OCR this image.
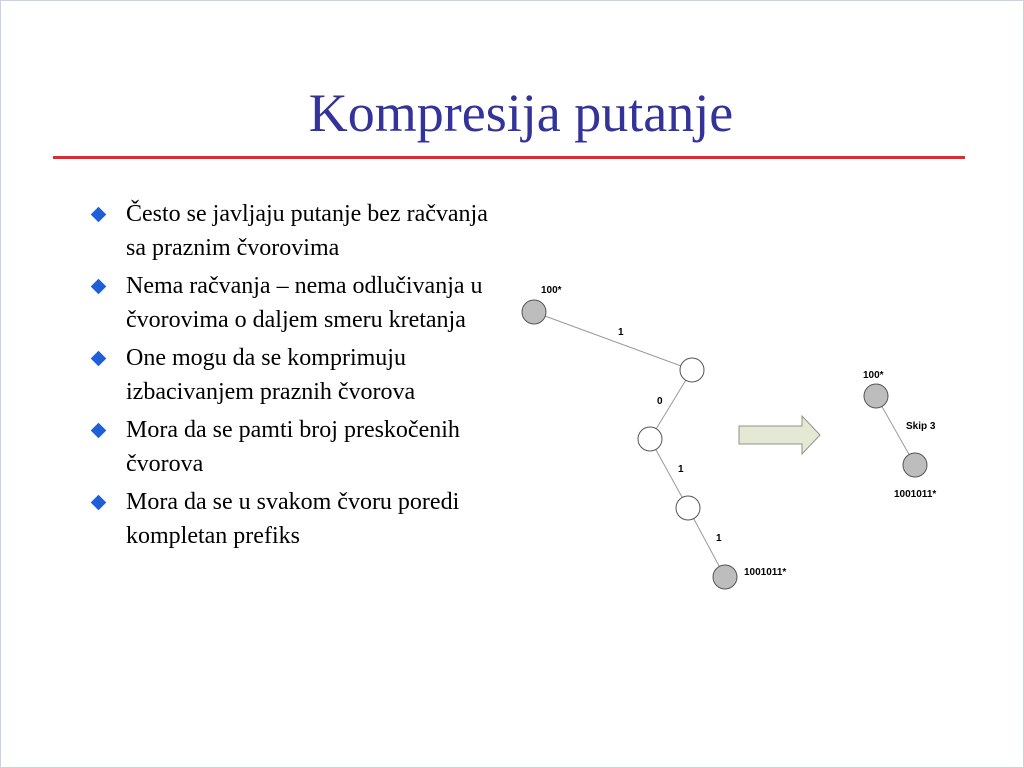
Kompresija putanje
Često se javljaju putanje bez račvanja sa praznim čvorovima
Nema račvanja – nema odlučivanja u čvorovima o daljem smeru kretanja
One mogu da se komprimuju izbacivanjem praznih čvorova
Mora da se pamti broj preskočenih čvorova
Mora da se u svakom čvoru poredi kompletan prefiks
100*
1
0
1
1
1001011*
100*
Skip 3
1001011*
